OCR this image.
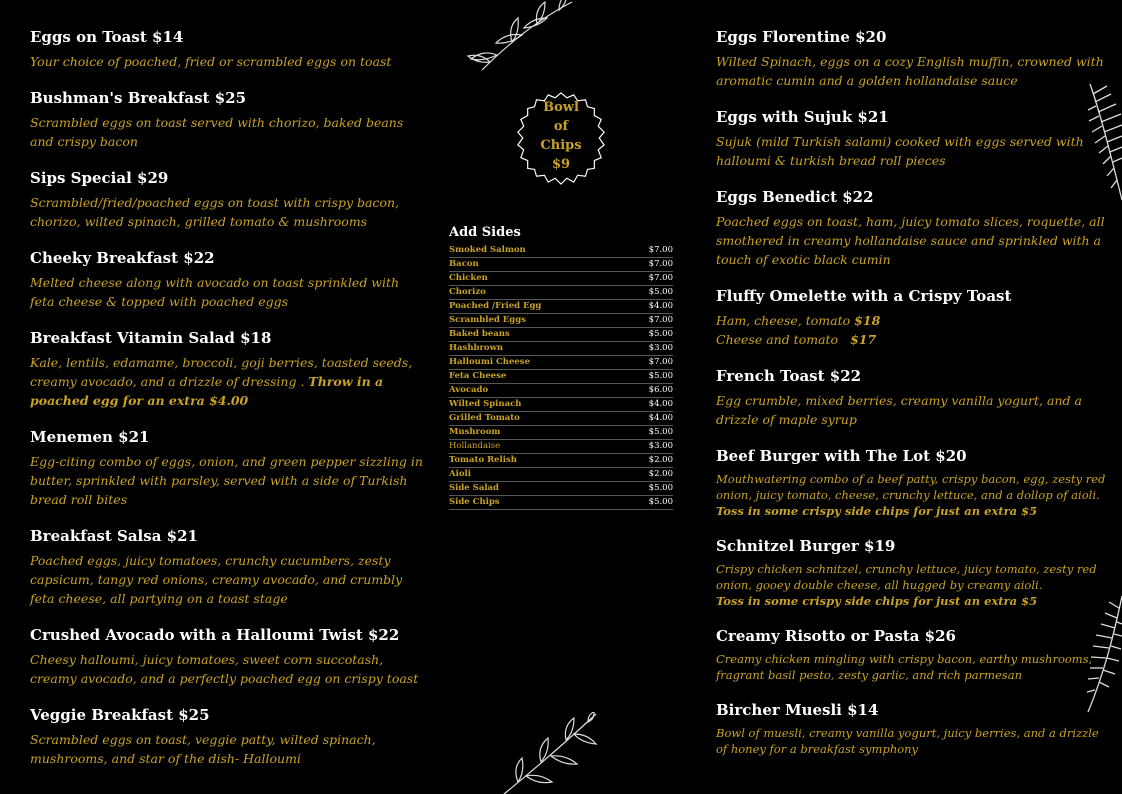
Eggs on Toast $14
Your choice of poached, fried or scrambled eggs on toast
Bushman's Breakfast $25
Scrambled eggs on toast served with chorizo, baked beans and crispy bacon
Sips Special $29
Scrambled/fried/poached eggs on toast with crispy bacon, chorizo, wilted spinach, grilled tomato & mushrooms
Cheeky Breakfast $22
Melted cheese along with avocado on toast sprinkled with feta cheese & topped with poached eggs
Breakfast Vitamin Salad $18
Kale, lentils, edamame, broccoli, goji berries, toasted seeds, creamy avocado, and a drizzle of dressing . Throw in a poached egg for an extra $4.00
Menemen $21
Egg-citing combo of eggs, onion, and green pepper sizzling in butter, sprinkled with parsley, served with a side of Turkish bread roll bites
Breakfast Salsa $21
Poached eggs, juicy tomatoes, crunchy cucumbers, zesty capsicum, tangy red onions, creamy avocado, and crumbly feta cheese, all partying on a toast stage
Crushed Avocado with a Halloumi Twist $22
Cheesy halloumi, juicy tomatoes, sweet corn succotash, creamy avocado, and a perfectly poached egg on crispy toast
Veggie Breakfast $25
Scrambled eggs on toast, veggie patty, wilted spinach, mushrooms, and star of the dish- Halloumi
Bowl
of
Chips
$9
Add Sides
Smoked Salmon	$7.00
Bacon	$7.00
Chicken	$7.00
Chorizo	$5.00
Poached /Fried Egg	$4.00
Scrambled Eggs	$7.00
Baked beans	$5.00
Hashbrown	$3.00
Halloumi Cheese	$7.00
Feta Cheese	$5.00
Avocado	$6.00
Wilted Spinach	$4.00
Grilled Tomato	$4.00
Mushroom	$5.00
Hollandaise	$3.00
Tomato Relish	$2.00
Aioli	$2.00
Side Salad	$5.00
Side Chips	$5.00
Eggs Florentine $20
Wilted Spinach, eggs on a cozy English muffin, crowned with aromatic cumin and a golden hollandaise sauce
Eggs with Sujuk $21
Sujuk (mild Turkish salami) cooked with eggs served with halloumi & turkish bread roll pieces
Eggs Benedict $22
Poached eggs on toast, ham, juicy tomato slices, roquette, all smothered in creamy hollandaise sauce and sprinkled with a touch of exotic black cumin
Fluffy Omelette with a Crispy Toast
Ham, cheese, tomato $18
Cheese and tomato $17
French Toast $22
Egg crumble, mixed berries, creamy vanilla yogurt, and a drizzle of maple syrup
Beef Burger with The Lot $20
Mouthwatering combo of a beef patty, crispy bacon, egg, zesty red onion, juicy tomato, cheese, crunchy lettuce, and a dollop of aioli.
Toss in some crispy side chips for just an extra $5
Schnitzel Burger $19
Crispy chicken schnitzel, crunchy lettuce, juicy tomato, zesty red onion, gooey double cheese, all hugged by creamy aioli.
Toss in some crispy side chips for just an extra $5
Creamy Risotto or Pasta $26
Creamy chicken mingling with crispy bacon, earthy mushrooms, fragrant basil pesto, zesty garlic, and rich parmesan
Bircher Muesli $14
Bowl of muesli, creamy vanilla yogurt, juicy berries, and a drizzle of honey for a breakfast symphony
